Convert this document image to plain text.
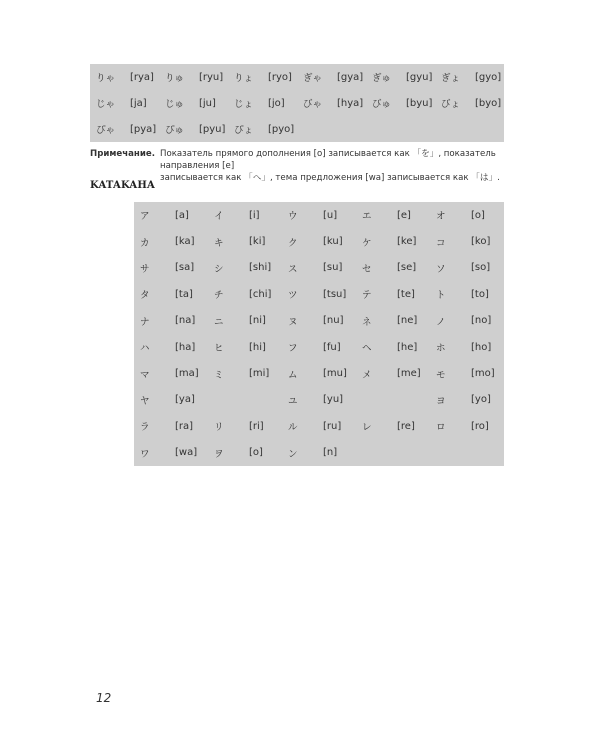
りゃ	[rya]	りゅ	[ryu]	りょ	[ryo]	ぎゃ	[gya]	ぎゅ	[gyu]	ぎょ	[gyo]
じゃ	[ja]	じゅ	[ju]	じょ	[jo]	びゃ	[hya]	びゅ	[byu]	びょ	[byo]
ぴゃ	[pya]	ぴゅ	[pyu]	ぴょ	[pyo]						
Примечание. Показатель прямого дополнения [o] записывается как 「を」, показатель направления [e]
записывается как 「へ」, тема предложения [wa] записывается как 「は」.
KATAKAHA
ア	[a]	イ	[i]	ウ	[u]	エ	[e]	オ	[o]
カ	[ka]	キ	[ki]	ク	[ku]	ケ	[ke]	コ	[ko]
サ	[sa]	シ	[shi]	ス	[su]	セ	[se]	ソ	[so]
タ	[ta]	チ	[chi]	ツ	[tsu]	テ	[te]	ト	[to]
ナ	[na]	ニ	[ni]	ヌ	[nu]	ネ	[ne]	ノ	[no]
ハ	[ha]	ヒ	[hi]	フ	[fu]	ヘ	[he]	ホ	[ho]
マ	[ma]	ミ	[mi]	ム	[mu]	メ	[me]	モ	[mo]
ヤ	[ya]			ユ	[yu]			ヨ	[yo]
ラ	[ra]	リ	[ri]	ル	[ru]	レ	[re]	ロ	[ro]
ワ	[wa]	ヲ	[o]	ン	[n]				
12
